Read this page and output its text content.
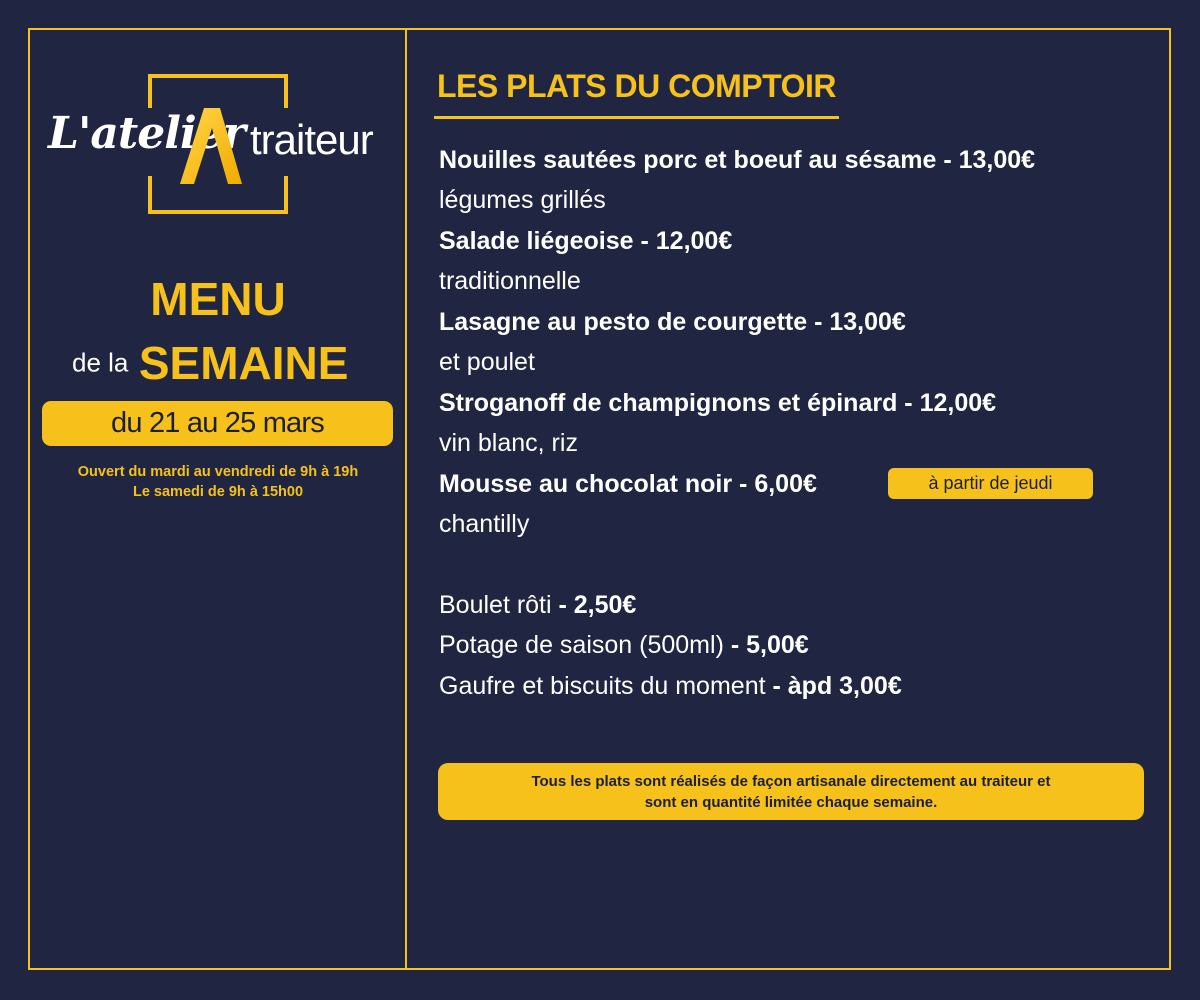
L'atelier traiteur
MENU
de la SEMAINE
du 21 au 25 mars
Ouvert du mardi au vendredi de 9h à 19h
Le samedi de 9h à 15h00
LES PLATS DU COMPTOIR
Nouilles sautées porc et boeuf au sésame - 13,00€
légumes grillés
Salade liégeoise - 12,00€
traditionnelle
Lasagne au pesto de courgette - 13,00€
et poulet
Stroganoff de champignons et épinard - 12,00€
vin blanc, riz
Mousse au chocolat noir - 6,00€	à partir de jeudi
chantilly
Boulet rôti - 2,50€
Potage de saison (500ml) - 5,00€
Gaufre et biscuits du moment - àpd 3,00€
Tous les plats sont réalisés de façon artisanale directement au traiteur et
sont en quantité limitée chaque semaine.
